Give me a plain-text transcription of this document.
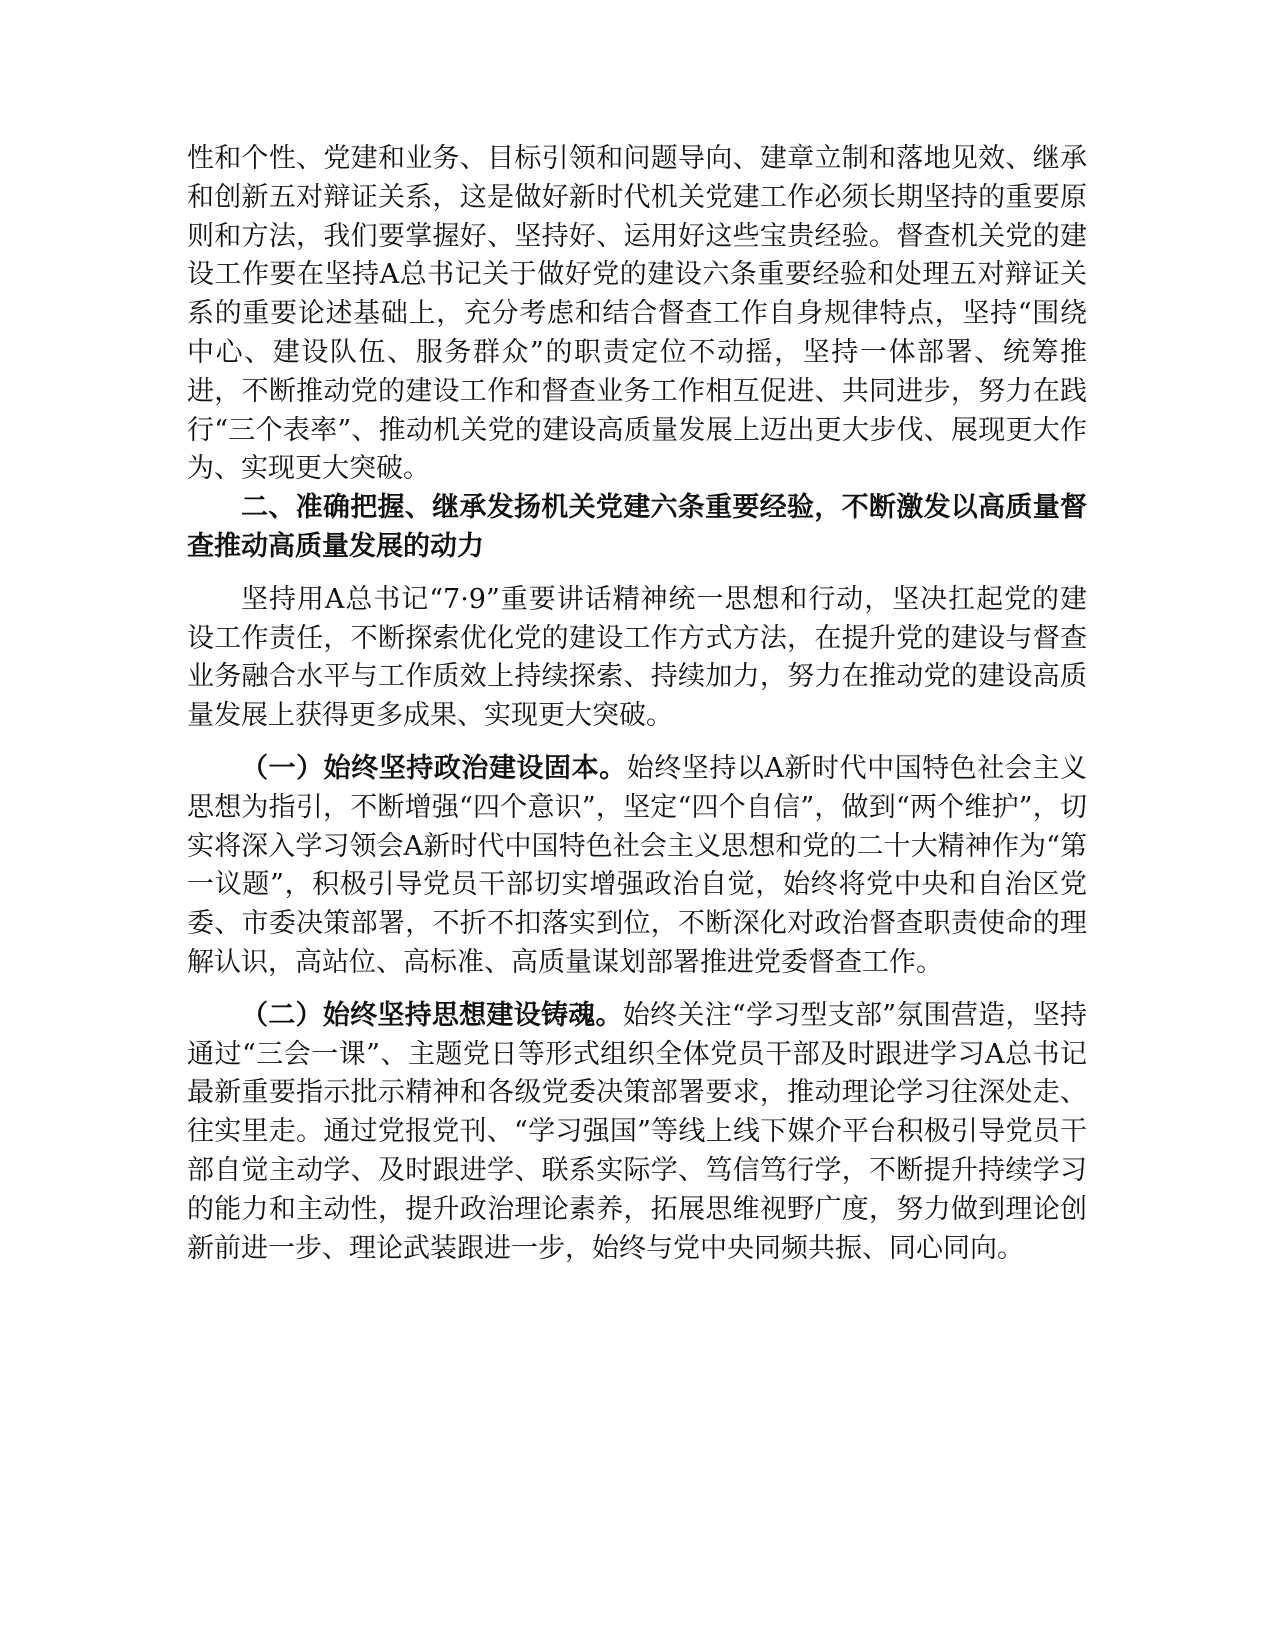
性和个性、党建和业务、目标引领和问题导向、建章立制和落地见效、继承和创新五对辩证关系，这是做好新时代机关党建工作必须长期坚持的重要原则和方法，我们要掌握好、坚持好、运用好这些宝贵经验。督查机关党的建设工作要在坚持A总书记关于做好党的建设六条重要经验和处理五对辩证关系的重要论述基础上，充分考虑和结合督查工作自身规律特点，坚持“围绕中心、建设队伍、服务群众”的职责定位不动摇，坚持一体部署、统筹推进，不断推动党的建设工作和督查业务工作相互促进、共同进步，努力在践行“三个表率”、推动机关党的建设高质量发展上迈出更大步伐、展现更大作为、实现更大突破。

二、准确把握、继承发扬机关党建六条重要经验，不断激发以高质量督查推动高质量发展的动力

坚持用A总书记“7·9”重要讲话精神统一思想和行动，坚决扛起党的建设工作责任，不断探索优化党的建设工作方式方法，在提升党的建设与督查业务融合水平与工作质效上持续探索、持续加力，努力在推动党的建设高质量发展上获得更多成果、实现更大突破。

（一）始终坚持政治建设固本。始终坚持以A新时代中国特色社会主义思想为指引，不断增强“四个意识”，坚定“四个自信”，做到“两个维护”，切实将深入学习领会A新时代中国特色社会主义思想和党的二十大精神作为“第一议题”，积极引导党员干部切实增强政治自觉，始终将党中央和自治区党委、市委决策部署，不折不扣落实到位，不断深化对政治督查职责使命的理解认识，高站位、高标准、高质量谋划部署推进党委督查工作。

（二）始终坚持思想建设铸魂。始终关注“学习型支部”氛围营造，坚持通过“三会一课”、主题党日等形式组织全体党员干部及时跟进学习A总书记最新重要指示批示精神和各级党委决策部署要求，推动理论学习往深处走、往实里走。通过党报党刊、“学习强国”等线上线下媒介平台积极引导党员干部自觉主动学、及时跟进学、联系实际学、笃信笃行学，不断提升持续学习的能力和主动性，提升政治理论素养，拓展思维视野广度，努力做到理论创新前进一步、理论武装跟进一步，始终与党中央同频共振、同心同向。
